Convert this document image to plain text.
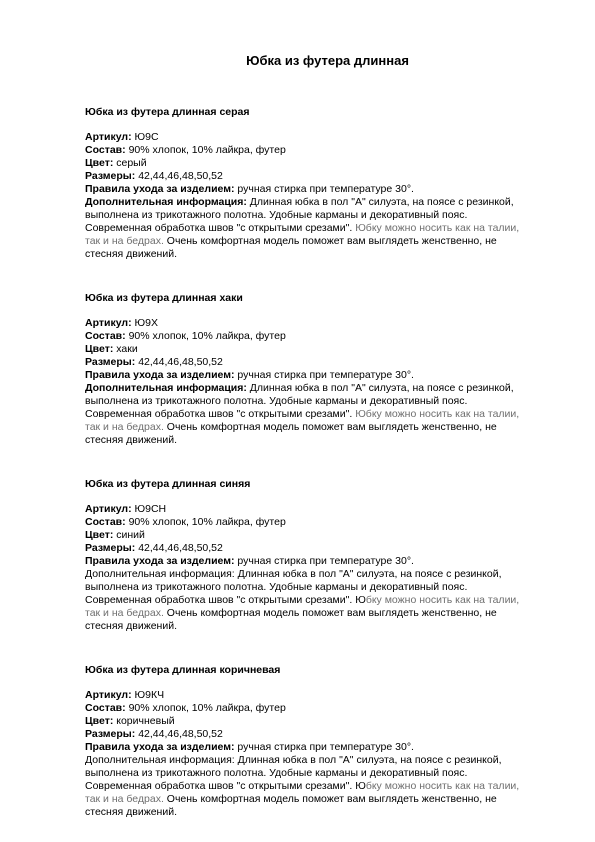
Юбка из футера длинная
Юбка из футера длинная серая
Артикул: Ю9С
Состав: 90% хлопок, 10% лайкра, футер
Цвет: серый
Размеры: 42,44,46,48,50,52
Правила ухода за изделием: ручная стирка при температуре 30°.
Дополнительная информация: Длинная юбка в пол "А" силуэта, на поясе с резинкой,
выполнена из трикотажного полотна. Удобные карманы и декоративный пояс.
Современная обработка швов "с открытыми срезами". Юбку можно носить как на талии,
так и на бедрах. Очень комфортная модель поможет вам выглядеть женственно, не
стесняя движений.
Юбка из футера длинная хаки
Артикул: Ю9Х
Состав: 90% хлопок, 10% лайкра, футер
Цвет: хаки
Размеры: 42,44,46,48,50,52
Правила ухода за изделием: ручная стирка при температуре 30°.
Дополнительная информация: Длинная юбка в пол "А" силуэта, на поясе с резинкой,
выполнена из трикотажного полотна. Удобные карманы и декоративный пояс.
Современная обработка швов "с открытыми срезами". Юбку можно носить как на талии,
так и на бедрах. Очень комфортная модель поможет вам выглядеть женственно, не
стесняя движений.
Юбка из футера длинная синяя
Артикул: Ю9СН
Состав: 90% хлопок, 10% лайкра, футер
Цвет: синий
Размеры: 42,44,46,48,50,52
Правила ухода за изделием: ручная стирка при температуре 30°.
Дополнительная информация: Длинная юбка в пол "А" силуэта, на поясе с резинкой,
выполнена из трикотажного полотна. Удобные карманы и декоративный пояс.
Современная обработка швов "с открытыми срезами". Юбку можно носить как на талии,
так и на бедрах. Очень комфортная модель поможет вам выглядеть женственно, не
стесняя движений.
Юбка из футера длинная коричневая
Артикул: Ю9КЧ
Состав: 90% хлопок, 10% лайкра, футер
Цвет: коричневый
Размеры: 42,44,46,48,50,52
Правила ухода за изделием: ручная стирка при температуре 30°.
Дополнительная информация: Длинная юбка в пол "А" силуэта, на поясе с резинкой,
выполнена из трикотажного полотна. Удобные карманы и декоративный пояс.
Современная обработка швов "с открытыми срезами". Юбку можно носить как на талии,
так и на бедрах. Очень комфортная модель поможет вам выглядеть женственно, не
стесняя движений.
